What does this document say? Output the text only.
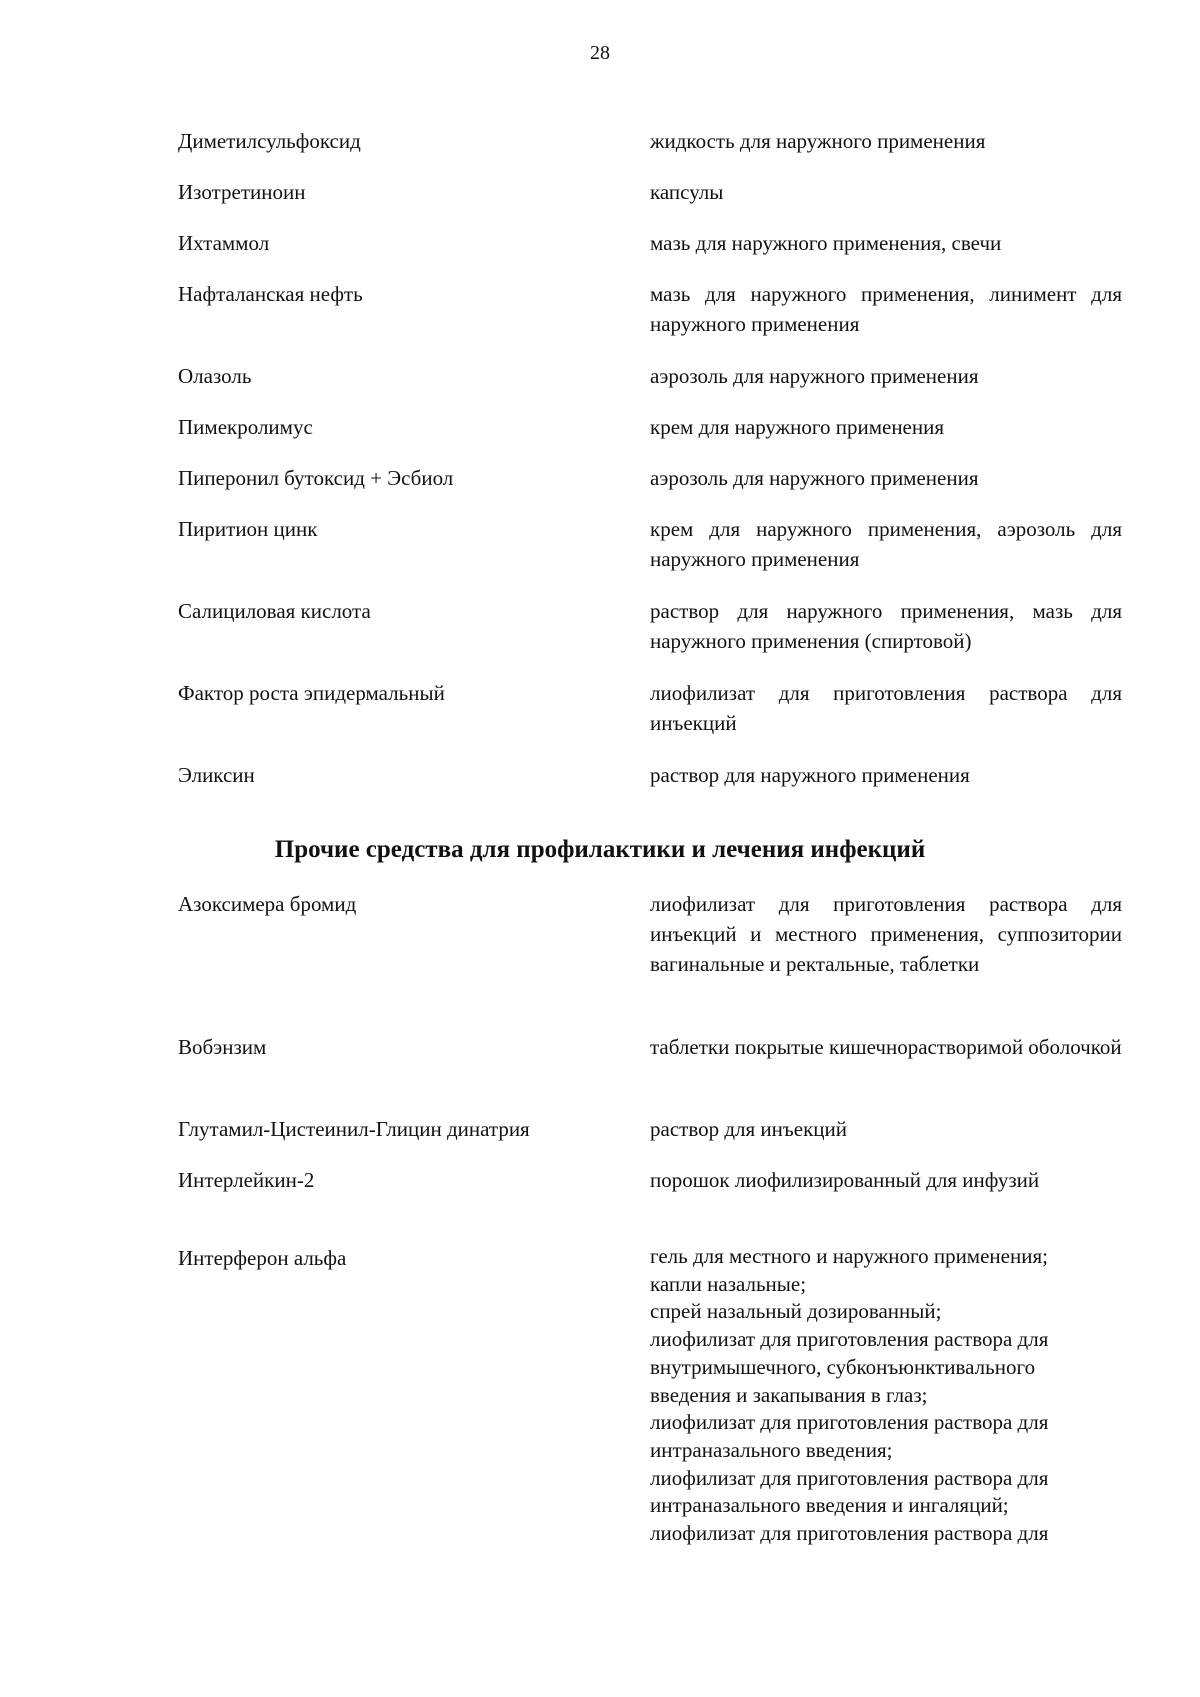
28
Диметилсульфоксид	жидкость для наружного применения
Изотретиноин	капсулы
Ихтаммол	мазь для наружного применения, свечи
Нафталанская нефть	мазь для наружного применения, линимент для наружного применения
Олазоль	аэрозоль для наружного применения
Пимекролимус	крем для наружного применения
Пиперонил бутоксид + Эсбиол	аэрозоль для наружного применения
Пиритион цинк	крем для наружного применения, аэрозоль для наружного применения
Салициловая кислота	раствор для наружного применения, мазь для наружного применения (спиртовой)
Фактор роста эпидермальный	лиофилизат для приготовления раствора для инъекций
Эликсин	раствор для наружного применения
Прочие средства для профилактики и лечения инфекций
Азоксимера бромид	лиофилизат для приготовления раствора для инъекций и местного применения, суппозитории вагинальные и ректальные, таблетки
Вобэнзим	таблетки покрытые кишечнорастворимой оболочкой
Глутамил-Цистеинил-Глицин динатрия	раствор для инъекций
Интерлейкин-2	порошок лиофилизированный для инфузий
Интерферон альфа	гель для местного и наружного применения;
капли назальные;
спрей назальный дозированный;
лиофилизат для приготовления раствора для
внутримышечного, субконъюнктивального
введения и закапывания в глаз;
лиофилизат для приготовления раствора для
интраназального введения;
лиофилизат для приготовления раствора для
интраназального введения и ингаляций;
лиофилизат для приготовления раствора для
